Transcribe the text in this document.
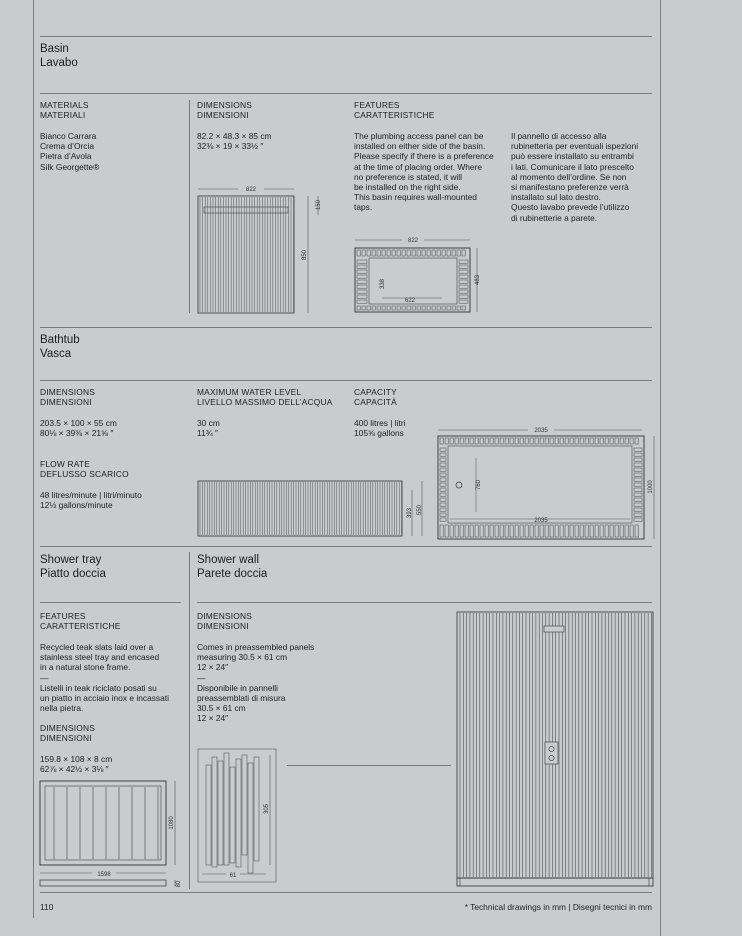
Basin
Lavabo
MATERIALS
MATERIALI
Bianco Carrara
Crema d’Orcia
Pietra d’Avola
Silk Georgette®
DIMENSIONS
DIMENSIONI
82.2 × 48.3 × 85 cm
32⅜ × 19 × 33½ ″
FEATURES
CARATTERISTICHE
The plumbing access panel can be
installed on either side of the basin.
Please specify if there is a preference
at the time of placing order. Where
no preference is stated, it will
be installed on the right side.
This basin requires wall-mounted
taps.
Il pannello di accesso alla
rubinetteria per eventuali ispezioni
può essere installato su entrambi
i lati. Comunicare il lato prescelto
al momento dell’ordine. Se non
si manifestano preferenze verrà
installato sul lato destro.
Questo lavabo prevede l’utilizzo
di rubinetterie a parete.
822
150
850
822
622
338	483
Bathtub
Vasca
DIMENSIONS
DIMENSIONI
203.5 × 100 × 55 cm
80⅛ × 39⅜ × 21⅝ ″
FLOW RATE
DEFLUSSO SCARICO
48 litres/minute | litri/minuto
12½ gallons/minute
MAXIMUM WATER LEVEL
LIVELLO MASSIMO DELL’ACQUA
30 cm
11¾ ″
CAPACITY
CAPACITÀ
400 litres | litri
105⅝ gallons
393 550
2035
760
2035
1000
Shower tray
Piatto doccia
Shower wall
Parete doccia
FEATURES
CARATTERISTICHE
Recycled teak slats laid over a
stainless steel tray and encased
in a natural stone frame.
—
Listelli in teak riciclato posati su
un piatto in acciaio inox e incassati
nella pietra.
DIMENSIONS
DIMENSIONI
159.8 × 108 × 8 cm
62⅞ × 42½ × 3⅛ ″
1080
1598
80
DIMENSIONS
DIMENSIONI
Comes in preassembled panels
measuring 30.5 × 61 cm
12 × 24″
—
Disponibile in pannelli
preassemblati di misura
30.5 × 61 cm
12 × 24″
305
61
110	* Technical drawings in mm | Disegni tecnici in mm
